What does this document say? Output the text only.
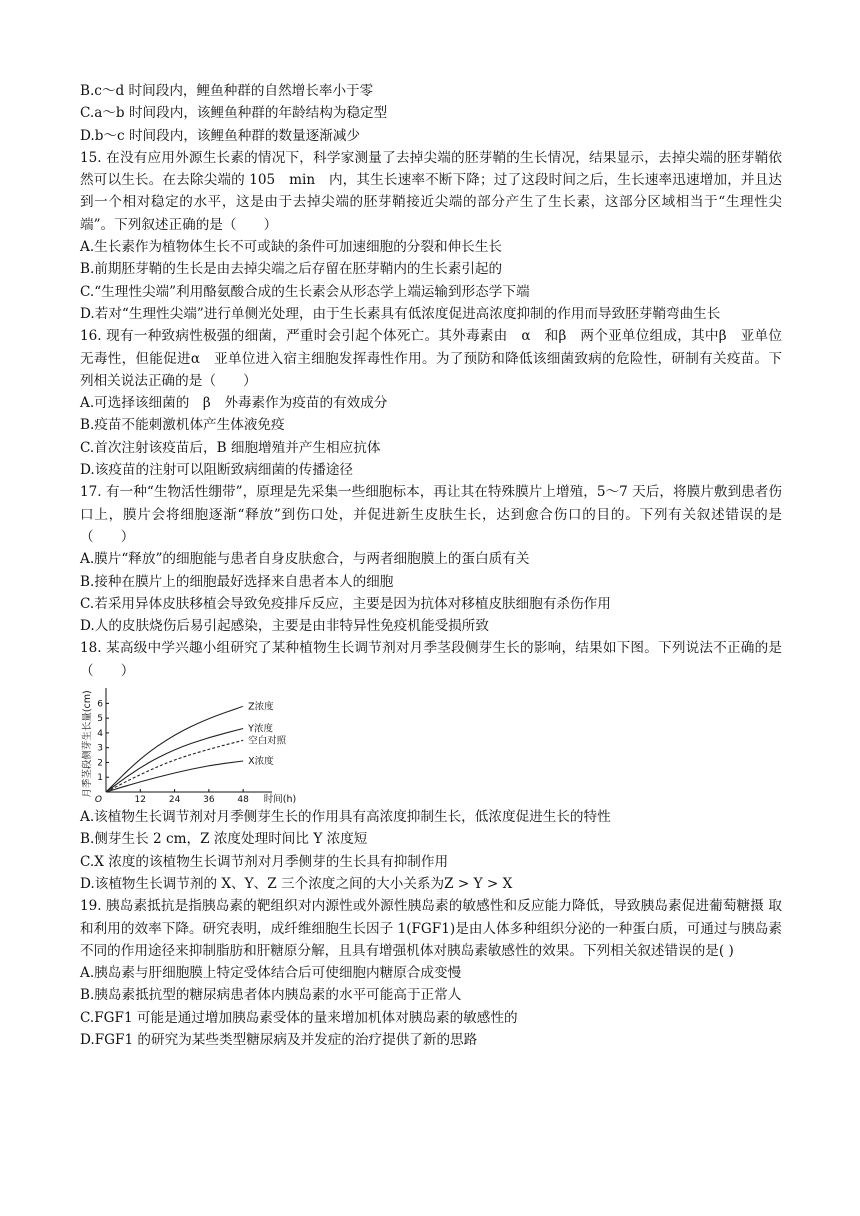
B.c～d 时间段内，鲤鱼种群的自然增长率小于零
C.a～b 时间段内，该鲤鱼种群的年龄结构为稳定型
D.b～c 时间段内，该鲤鱼种群的数量逐渐减少
15. 在没有应用外源生长素的情况下，科学家测量了去掉尖端的胚芽鞘的生长情况，结果显示，去掉尖端的胚芽鞘依然可以生长。在去除尖端的 105　min　内，其生长速率不断下降；过了这段时间之后，生长速率迅速增加，并且达到一个相对稳定的水平，这是由于去掉尖端的胚芽鞘接近尖端的部分产生了生长素，这部分区域相当于“生理性尖端”。下列叙述正确的是（　　）
A.生长素作为植物体生长不可或缺的条件可加速细胞的分裂和伸长生长
B.前期胚芽鞘的生长是由去掉尖端之后存留在胚芽鞘内的生长素引起的
C.“生理性尖端”利用酪氨酸合成的生长素会从形态学上端运输到形态学下端
D.若对“生理性尖端”进行单侧光处理，由于生长素具有低浓度促进高浓度抑制的作用而导致胚芽鞘弯曲生长
16. 现有一种致病性极强的细菌，严重时会引起个体死亡。其外毒素由　α　和β　两个亚单位组成，其中β　亚单位无毒性，但能促进α　亚单位进入宿主细胞发挥毒性作用。为了预防和降低该细菌致病的危险性，研制有关疫苗。下列相关说法正确的是（　　）
A.可选择该细菌的　β　外毒素作为疫苗的有效成分
B.疫苗不能刺激机体产生体液免疫
C.首次注射该疫苗后，B 细胞增殖并产生相应抗体
D.该疫苗的注射可以阻断致病细菌的传播途径
17. 有一种“生物活性绷带”，原理是先采集一些细胞标本，再让其在特殊膜片上增殖，5～7 天后，将膜片敷到患者伤口上，膜片会将细胞逐渐“释放”到伤口处，并促进新生皮肤生长，达到愈合伤口的目的。下列有关叙述错误的是（　　）
A.膜片“释放”的细胞能与患者自身皮肤愈合，与两者细胞膜上的蛋白质有关
B.接种在膜片上的细胞最好选择来自患者本人的细胞
C.若采用异体皮肤移植会导致免疫排斥反应，主要是因为抗体对移植皮肤细胞有杀伤作用
D.人的皮肤烧伤后易引起感染，主要是由非特异性免疫机能受损所致
18. 某高级中学兴趣小组研究了某种植物生长调节剂对月季茎段侧芽生长的影响，结果如下图。下列说法不正确的是（　　）
月季茎段侧芽生长量(cm)
O
1
2
3
4
5
6
12	24	36	48 时间(h)
Z浓度
Y浓度
空白对照
X浓度
A.该植物生长调节剂对月季侧芽生长的作用具有高浓度抑制生长，低浓度促进生长的特性
B.侧芽生长 2 cm，Z 浓度处理时间比 Y 浓度短
C.X 浓度的该植物生长调节剂对月季侧芽的生长具有抑制作用
D.该植物生长调节剂的 X、Y、Z 三个浓度之间的大小关系为Z > Y > X
19. 胰岛素抵抗是指胰岛素的靶组织对内源性或外源性胰岛素的敏感性和反应能力降低，导致胰岛素促进葡萄糖摄 取和利用的效率下降。研究表明，成纤维细胞生长因子 1(FGF1)是由人体多种组织分泌的一种蛋白质，可通过与胰岛素不同的作用途径来抑制脂肪和肝糖原分解，且具有增强机体对胰岛素敏感性的效果。下列相关叙述错误的是( )
A.胰岛素与肝细胞膜上特定受体结合后可使细胞内糖原合成变慢
B.胰岛素抵抗型的糖尿病患者体内胰岛素的水平可能高于正常人
C.FGF1 可能是通过增加胰岛素受体的量来增加机体对胰岛素的敏感性的
D.FGF1 的研究为某些类型糖尿病及并发症的治疗提供了新的思路
